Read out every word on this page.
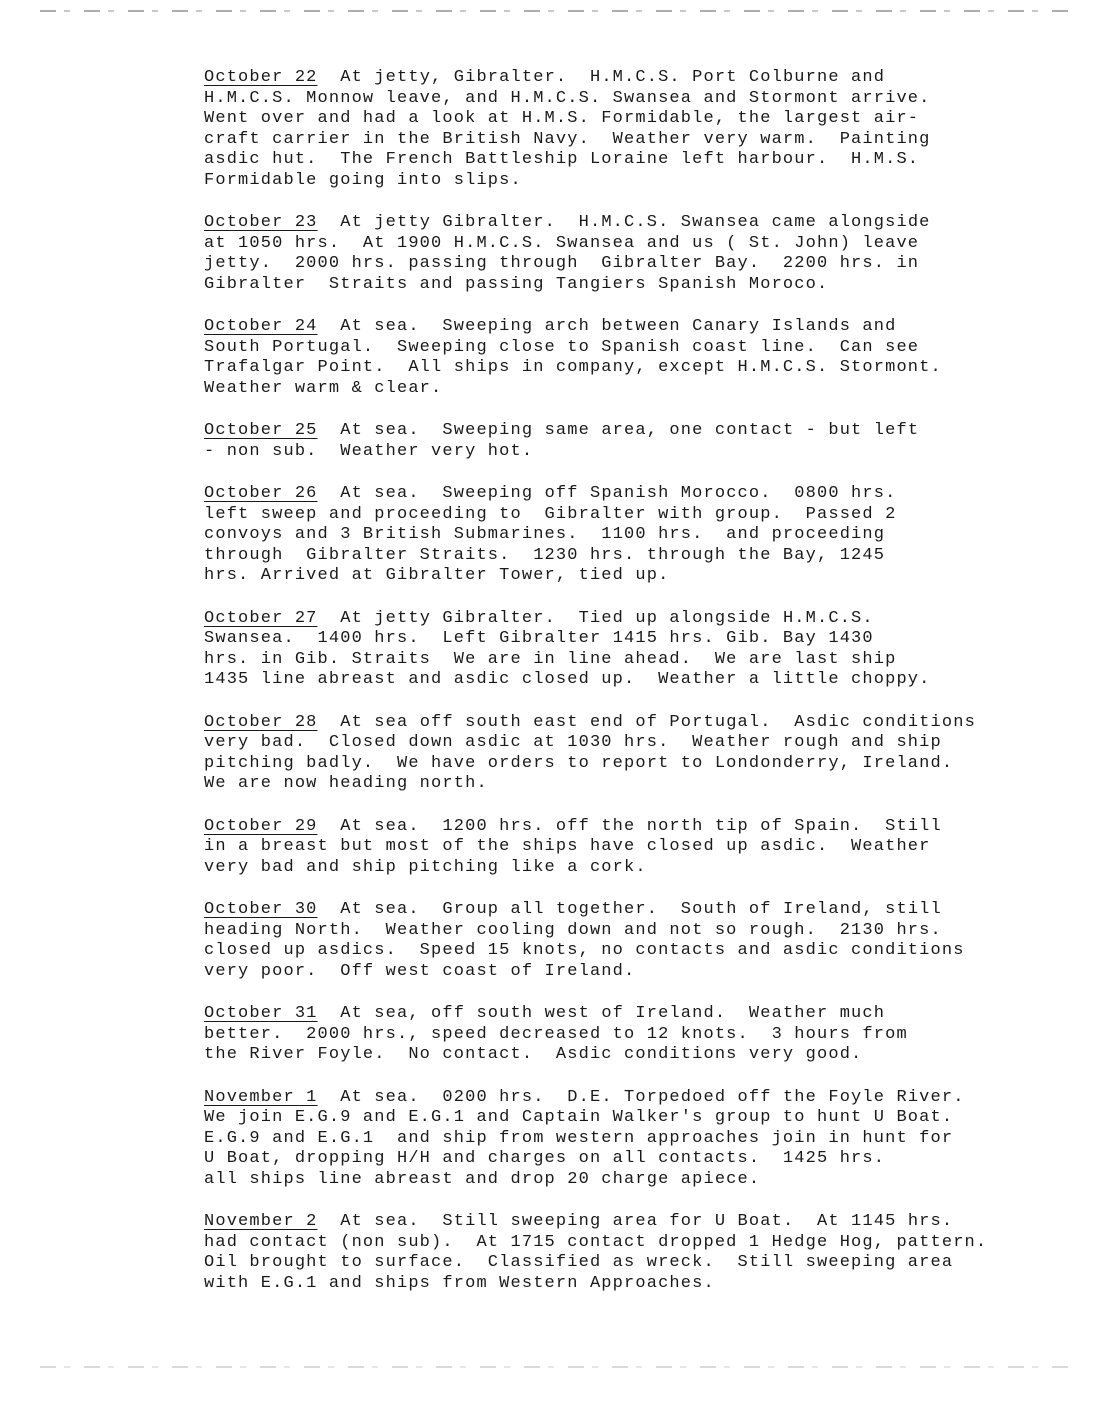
October 22  At jetty, Gibralter.  H.M.C.S. Port Colburne and
H.M.C.S. Monnow leave, and H.M.C.S. Swansea and Stormont arrive.
Went over and had a look at H.M.S. Formidable, the largest air-
craft carrier in the British Navy.  Weather very warm.  Painting
asdic hut.  The French Battleship Loraine left harbour.  H.M.S.
Formidable going into slips.
October 23  At jetty Gibralter.  H.M.C.S. Swansea came alongside
at 1050 hrs.  At 1900 H.M.C.S. Swansea and us ( St. John) leave
jetty.  2000 hrs. passing through  Gibralter Bay.  2200 hrs. in
Gibralter  Straits and passing Tangiers Spanish Moroco.
October 24  At sea.  Sweeping arch between Canary Islands and
South Portugal.  Sweeping close to Spanish coast line.  Can see
Trafalgar Point.  All ships in company, except H.M.C.S. Stormont.
Weather warm & clear.
October 25  At sea.  Sweeping same area, one contact - but left
- non sub.  Weather very hot.
October 26  At sea.  Sweeping off Spanish Morocco.  0800 hrs.
left sweep and proceeding to  Gibralter with group.  Passed 2
convoys and 3 British Submarines.  1100 hrs.  and proceeding
through  Gibralter Straits.  1230 hrs. through the Bay, 1245
hrs. Arrived at Gibralter Tower, tied up.
October 27  At jetty Gibralter.  Tied up alongside H.M.C.S.
Swansea.  1400 hrs.  Left Gibralter 1415 hrs. Gib. Bay 1430
hrs. in Gib. Straits  We are in line ahead.  We are last ship
1435 line abreast and asdic closed up.  Weather a little choppy.
October 28  At sea off south east end of Portugal.  Asdic conditions
very bad.  Closed down asdic at 1030 hrs.  Weather rough and ship
pitching badly.  We have orders to report to Londonderry, Ireland.
We are now heading north.
October 29  At sea.  1200 hrs. off the north tip of Spain.  Still
in a breast but most of the ships have closed up asdic.  Weather
very bad and ship pitching like a cork.
October 30  At sea.  Group all together.  South of Ireland, still
heading North.  Weather cooling down and not so rough.  2130 hrs.
closed up asdics.  Speed 15 knots, no contacts and asdic conditions
very poor.  Off west coast of Ireland.
October 31  At sea, off south west of Ireland.  Weather much
better.  2000 hrs., speed decreased to 12 knots.  3 hours from
the River Foyle.  No contact.  Asdic conditions very good.
November 1  At sea.  0200 hrs.  D.E. Torpedoed off the Foyle River.
We join E.G.9 and E.G.1 and Captain Walker's group to hunt U Boat.
E.G.9 and E.G.1  and ship from western approaches join in hunt for
U Boat, dropping H/H and charges on all contacts.  1425 hrs.
all ships line abreast and drop 20 charge apiece.
November 2  At sea.  Still sweeping area for U Boat.  At 1145 hrs.
had contact (non sub).  At 1715 contact dropped 1 Hedge Hog, pattern.
Oil brought to surface.  Classified as wreck.  Still sweeping area
with E.G.1 and ships from Western Approaches.
